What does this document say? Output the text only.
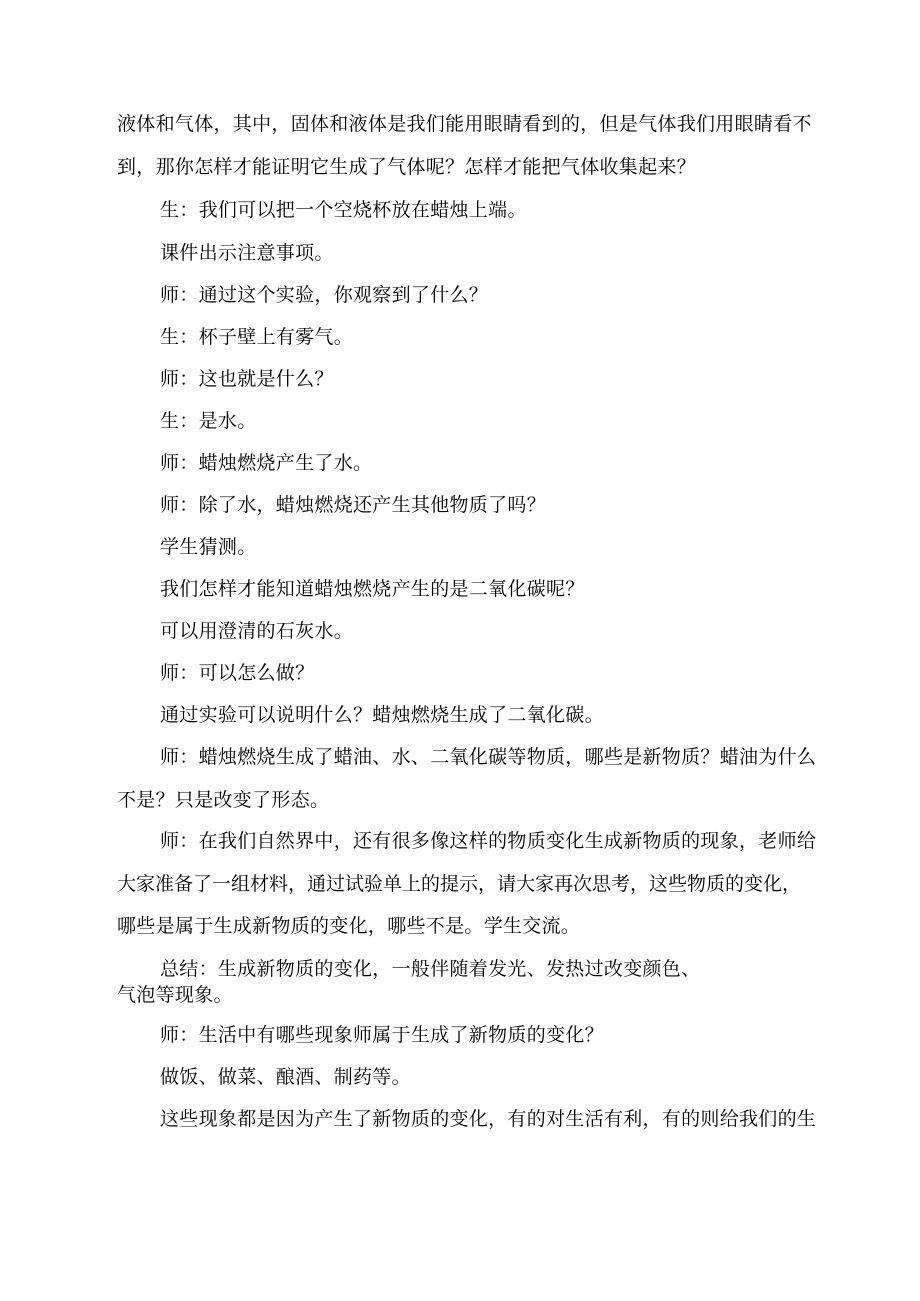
液体和气体，其中，固体和液体是我们能用眼睛看到的，但是气体我们用眼睛看不
到，那你怎样才能证明它生成了气体呢？怎样才能把气体收集起来？
生：我们可以把一个空烧杯放在蜡烛上端。
课件出示注意事项。
师：通过这个实验，你观察到了什么？
生：杯子壁上有雾气。
师：这也就是什么？
生：是水。
师：蜡烛燃烧产生了水。
师：除了水，蜡烛燃烧还产生其他物质了吗？
学生猜测。
我们怎样才能知道蜡烛燃烧产生的是二氧化碳呢？
可以用澄清的石灰水。
师：可以怎么做？
通过实验可以说明什么？蜡烛燃烧生成了二氧化碳。
师：蜡烛燃烧生成了蜡油、水、二氧化碳等物质，哪些是新物质？蜡油为什么
不是？只是改变了形态。
师：在我们自然界中，还有很多像这样的物质变化生成新物质的现象，老师给
大家准备了一组材料，通过试验单上的提示，请大家再次思考，这些物质的变化，
哪些是属于生成新物质的变化，哪些不是。学生交流。
总结：生成新物质的变化，一般伴随着发光、发热过改变颜色、
气泡等现象。
师：生活中有哪些现象师属于生成了新物质的变化？
做饭、做菜、酿酒、制药等。
这些现象都是因为产生了新物质的变化，有的对生活有利，有的则给我们的生
